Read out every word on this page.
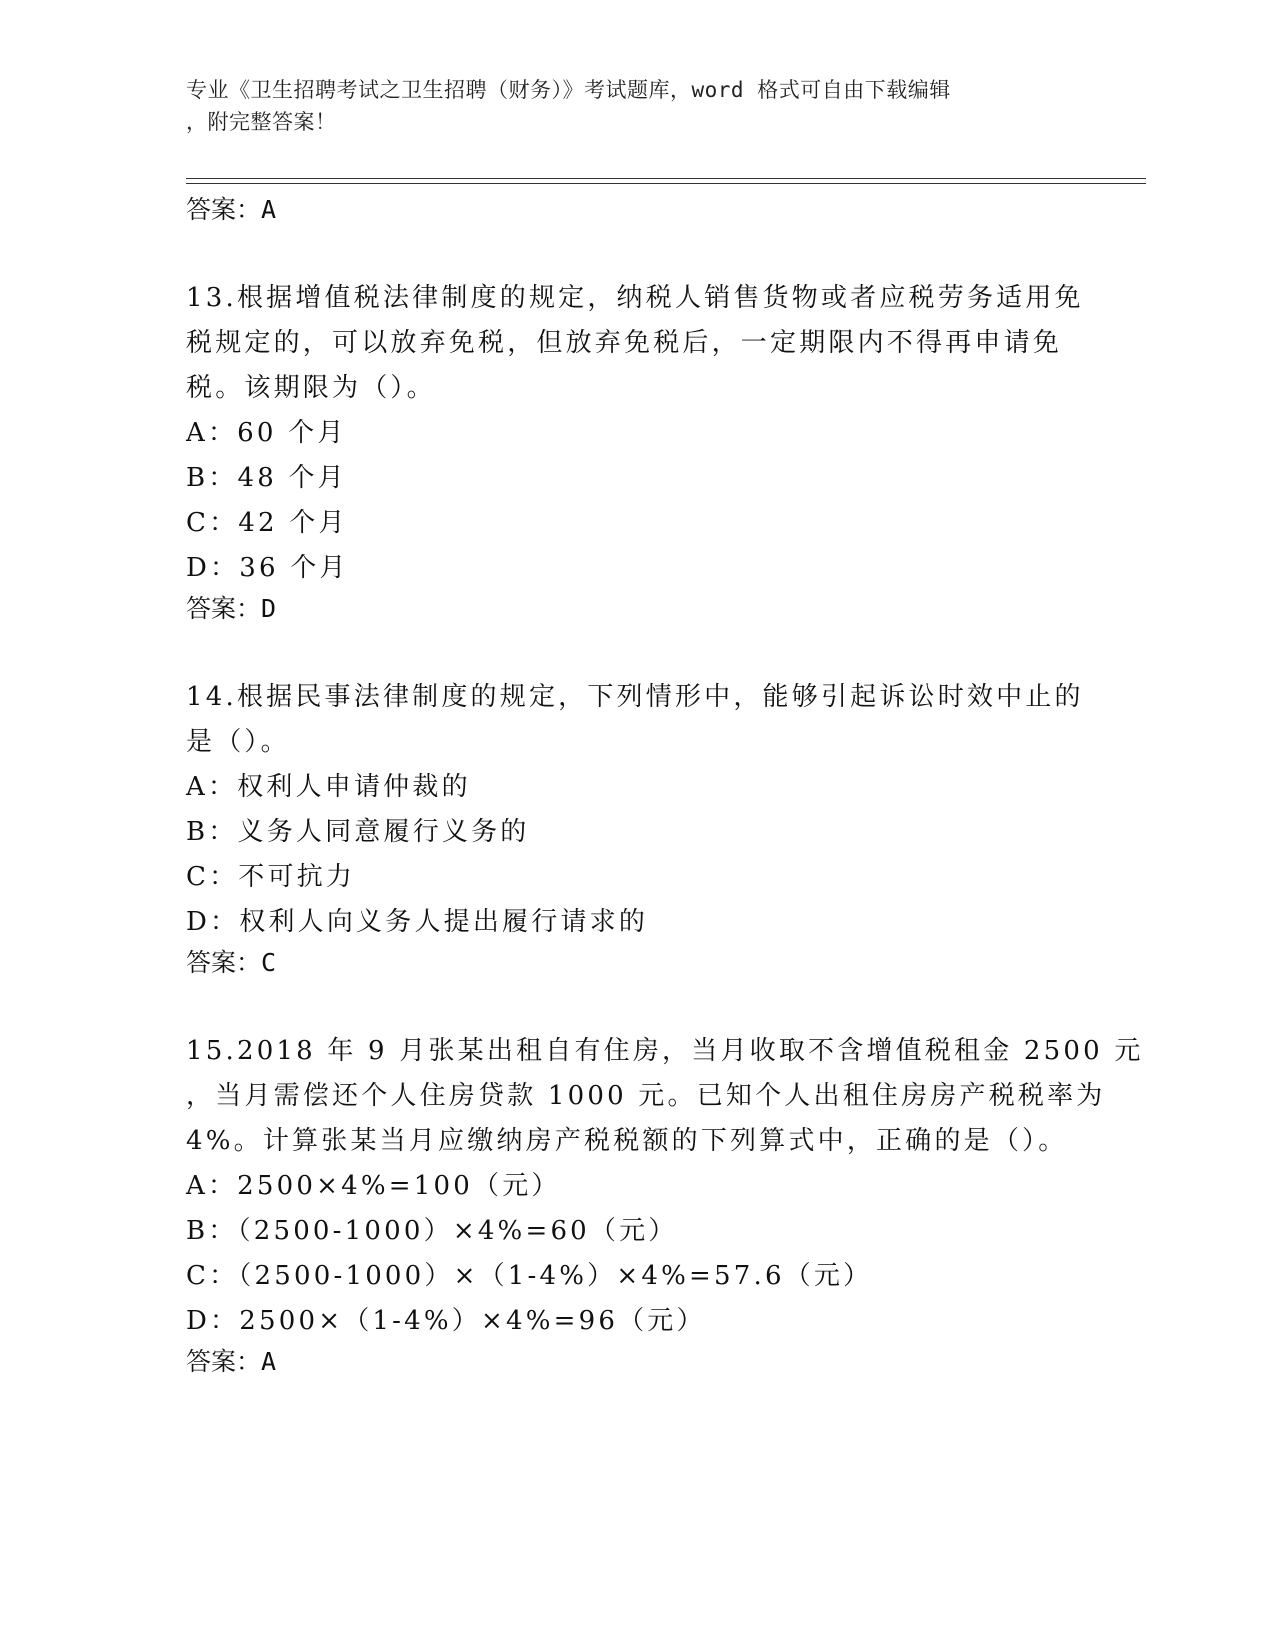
专业《卫生招聘考试之卫生招聘（财务）》考试题库，word 格式可自由下载编辑
，附完整答案！
答案：A
13.根据增值税法律制度的规定，纳税人销售货物或者应税劳务适用免
税规定的，可以放弃免税，但放弃免税后，一定期限内不得再申请免
税。该期限为（）。
A：60 个月
B：48 个月
C：42 个月
D：36 个月
答案：D
14.根据民事法律制度的规定，下列情形中，能够引起诉讼时效中止的
是（）。
A：权利人申请仲裁的
B：义务人同意履行义务的
C：不可抗力
D：权利人向义务人提出履行请求的
答案：C
15.2018 年 9 月张某出租自有住房，当月收取不含增值税租金 2500 元
，当月需偿还个人住房贷款 1000 元。已知个人出租住房房产税税率为
4%。计算张某当月应缴纳房产税税额的下列算式中，正确的是（）。
A：2500×4%=100（元）
B：（2500-1000）×4%=60（元）
C：（2500-1000）×（1-4%）×4%=57.6（元）
D：2500×（1-4%）×4%=96（元）
答案：A
